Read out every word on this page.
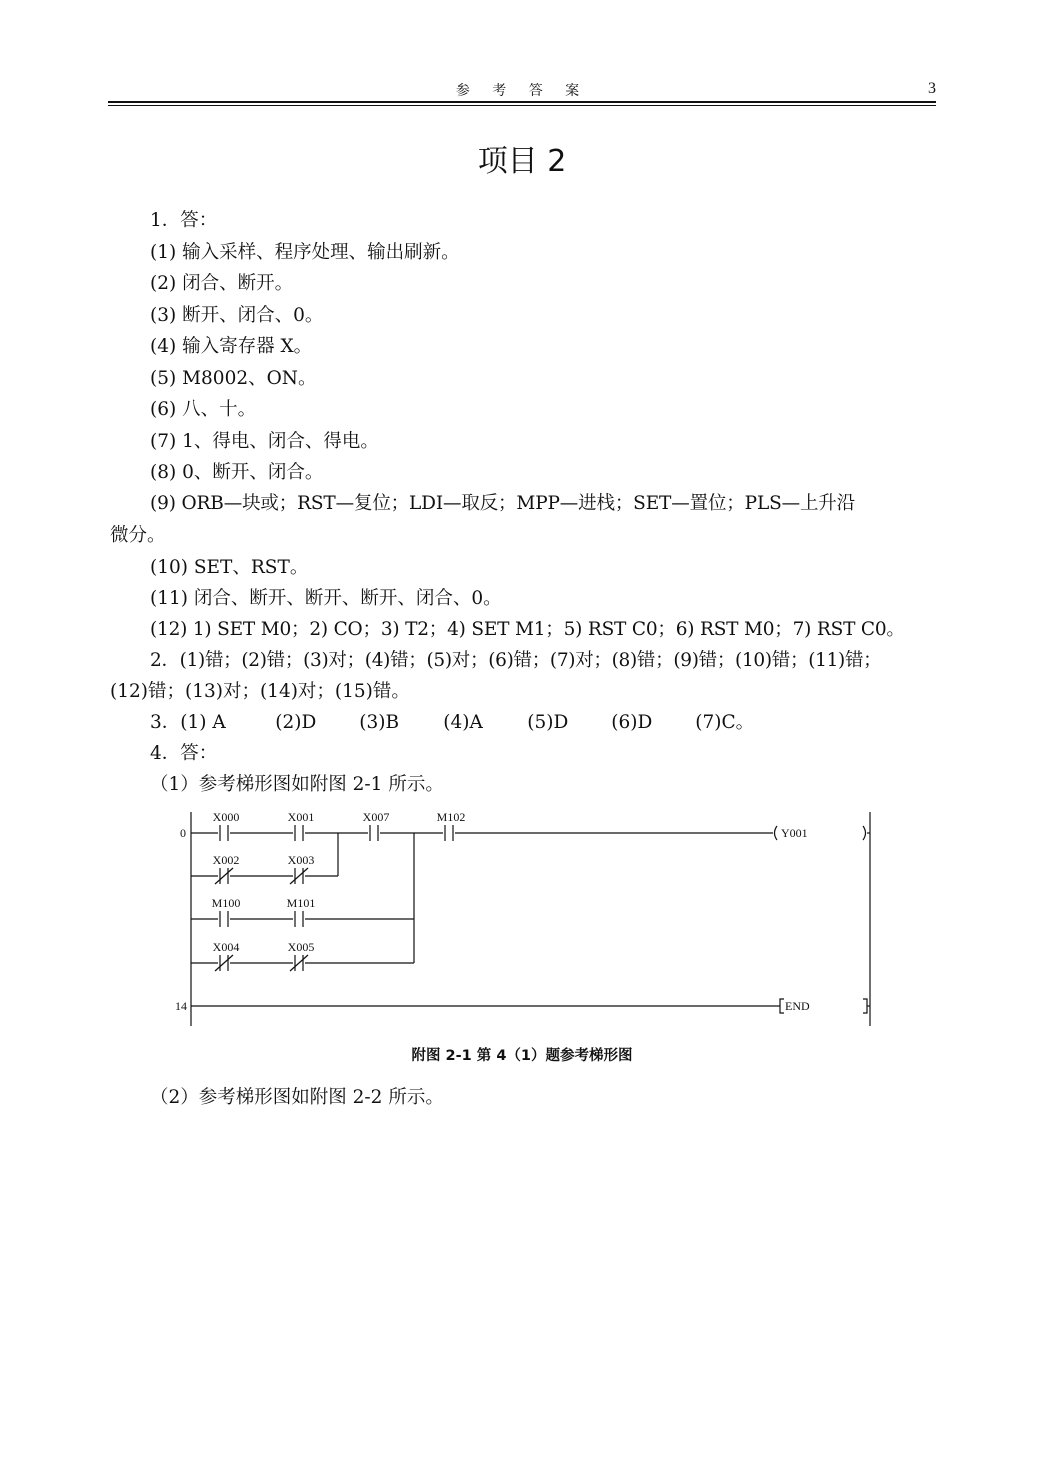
参 考 答 案	3
项目 2
1．答：
(1) 输入采样、程序处理、输出刷新。
(2) 闭合、断开。
(3) 断开、闭合、0。
(4) 输入寄存器 X。
(5) M8002、ON。
(6) 八、十。
(7) 1、得电、闭合、得电。
(8) 0、断开、闭合。
(9) ORB—块或；RST—复位；LDI—取反；MPP—进栈；SET—置位；PLS—上升沿
微分。
(10) SET、RST。
(11) 闭合、断开、断开、断开、闭合、0。
(12) 1) SET M0；2) CO；3) T2；4) SET M1；5) RST C0；6) RST M0；7) RST C0。
2．(1)错；(2)错；(3)对；(4)错；(5)对；(6)错；(7)对；(8)错；(9)错；(10)错；(11)错；
(12)错；(13)对；(14)对；(15)错。
3．(1) A	(2)D (3)B (4)A (5)D (6)D (7)C。
4．答：
（1）参考梯形图如附图 2-1 所示。
0
14
X000	X001	X007	M102
X002	X003
M100	M101
X004	X005
Y001
END
附图 2-1 第 4（1）题参考梯形图
（2）参考梯形图如附图 2-2 所示。
